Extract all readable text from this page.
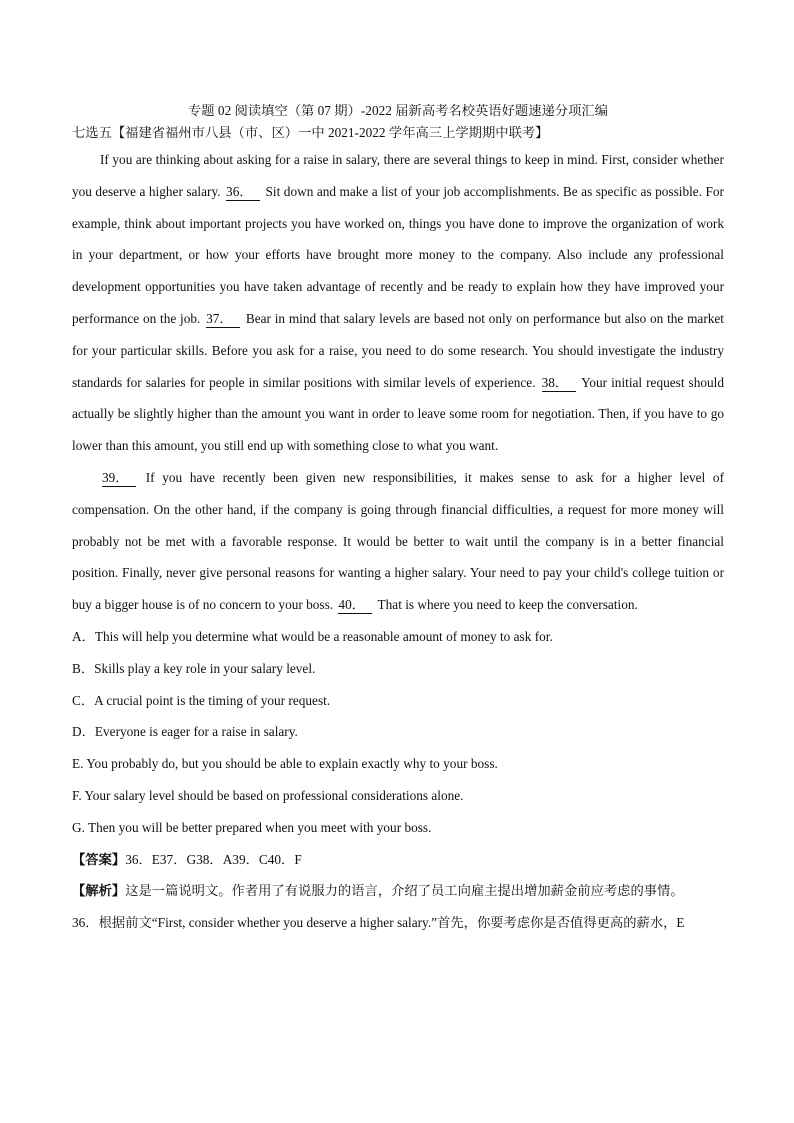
专题 02 阅读填空（第 07 期）-2022 届新高考名校英语好题速递分项汇编

七选五【福建省福州市八县（市、区）一中 2021-2022 学年高三上学期期中联考】

If you are thinking about asking for a raise in salary, there are several things to keep in mind. First, consider whether you deserve a higher salary. 36． Sit down and make a list of your job accomplishments. Be as specific as possible. For example, think about important projects you have worked on, things you have done to improve the organization of work in your department, or how your efforts have brought more money to the company. Also include any professional development opportunities you have taken advantage of recently and be ready to explain how they have improved your performance on the job. 37． Bear in mind that salary levels are based not only on performance but also on the market for your particular skills. Before you ask for a raise, you need to do some research. You should investigate the industry standards for salaries for people in similar positions with similar levels of experience. 38． Your initial request should actually be slightly higher than the amount you want in order to leave some room for negotiation. Then, if you have to go lower than this amount, you still end up with something close to what you want.

39． If you have recently been given new responsibilities, it makes sense to ask for a higher level of compensation. On the other hand, if the company is going through financial difficulties, a request for more money will probably not be met with a favorable response. It would be better to wait until the company is in a better financial position. Finally, never give personal reasons for wanting a higher salary. Your need to pay your child's college tuition or buy a bigger house is of no concern to your boss. 40． That is where you need to keep the conversation.

A．This will help you determine what would be a reasonable amount of money to ask for.

B．Skills play a key role in your salary level.

C．A crucial point is the timing of your request.

D．Everyone is eager for a raise in salary.

E. You probably do, but you should be able to explain exactly why to your boss.

F. Your salary level should be based on professional considerations alone.

G. Then you will be better prepared when you meet with your boss.

【答案】36．E37．G38．A39．C40．F

【解析】这是一篇说明文。作者用了有说服力的语言，介绍了员工向雇主提出增加薪金前应考虑的事情。

36．根据前文“First, consider whether you deserve a higher salary.”首先，你要考虑你是否值得更高的薪水，E
